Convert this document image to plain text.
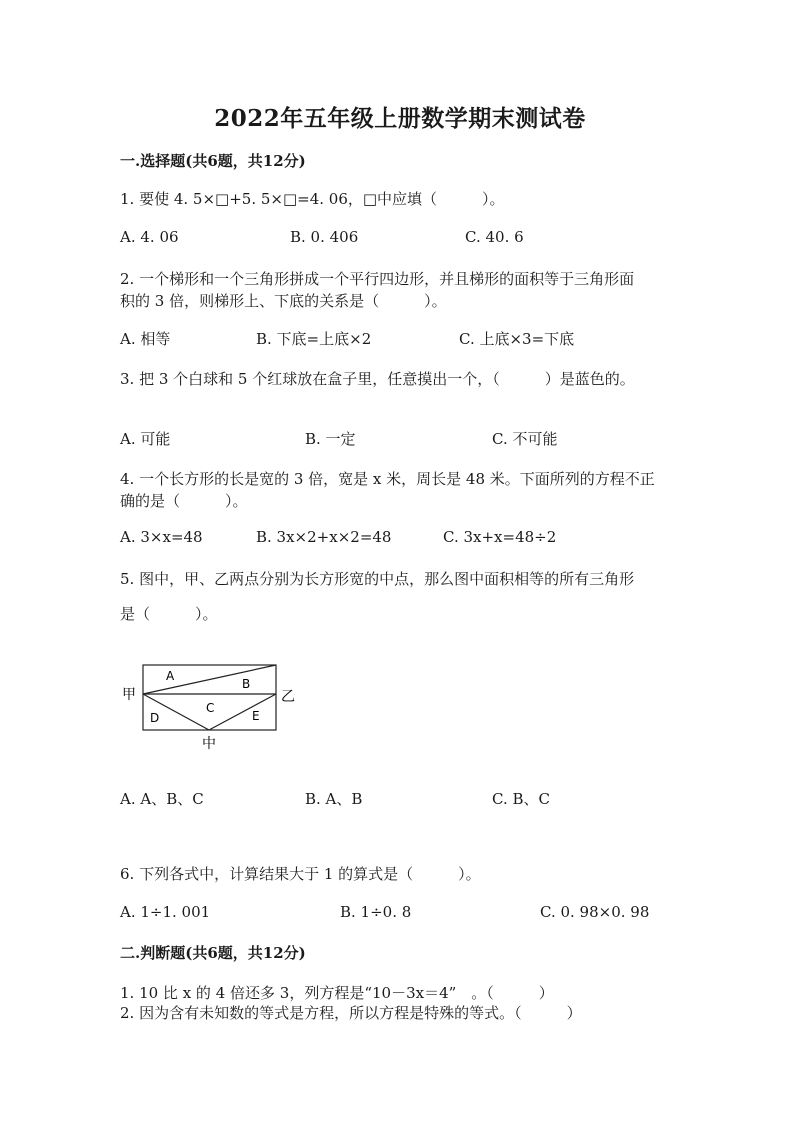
2022年五年级上册数学期末测试卷
一.选择题(共6题，共12分)
1. 要使 4. 5×□+5. 5×□=4. 06，□中应填（　　　）。
A. 4. 06	B. 0. 406	C. 40. 6
2. 一个梯形和一个三角形拼成一个平行四边形，并且梯形的面积等于三角形面
积的 3 倍，则梯形上、下底的关系是（　　　）。
A. 相等	B. 下底=上底×2	C. 上底×3=下底
3. 把 3 个白球和 5 个红球放在盒子里，任意摸出一个，（　　　）是蓝色的。
A. 可能	B. 一定	C. 不可能
4. 一个长方形的长是宽的 3 倍，宽是 x 米，周长是 48 米。下面所列的方程不正
确的是（　　　）。
A. 3×x=48	B. 3x×2+x×2=48	C. 3x+x=48÷2
5. 图中，甲、乙两点分别为长方形宽的中点，那么图中面积相等的所有三角形
是（　　　）。
甲	乙
中
A
B
C
D	E
A. A、B、C	B. A、B	C. B、C
6. 下列各式中，计算结果大于 1 的算式是（　　　）。
A. 1÷1. 001	B. 1÷0. 8	C. 0. 98×0. 98
二.判断题(共6题，共12分)
1. 10 比 x 的 4 倍还多 3，列方程是“10－3x＝4”　。（　　　）
2. 因为含有未知数的等式是方程，所以方程是特殊的等式。（　　　）
